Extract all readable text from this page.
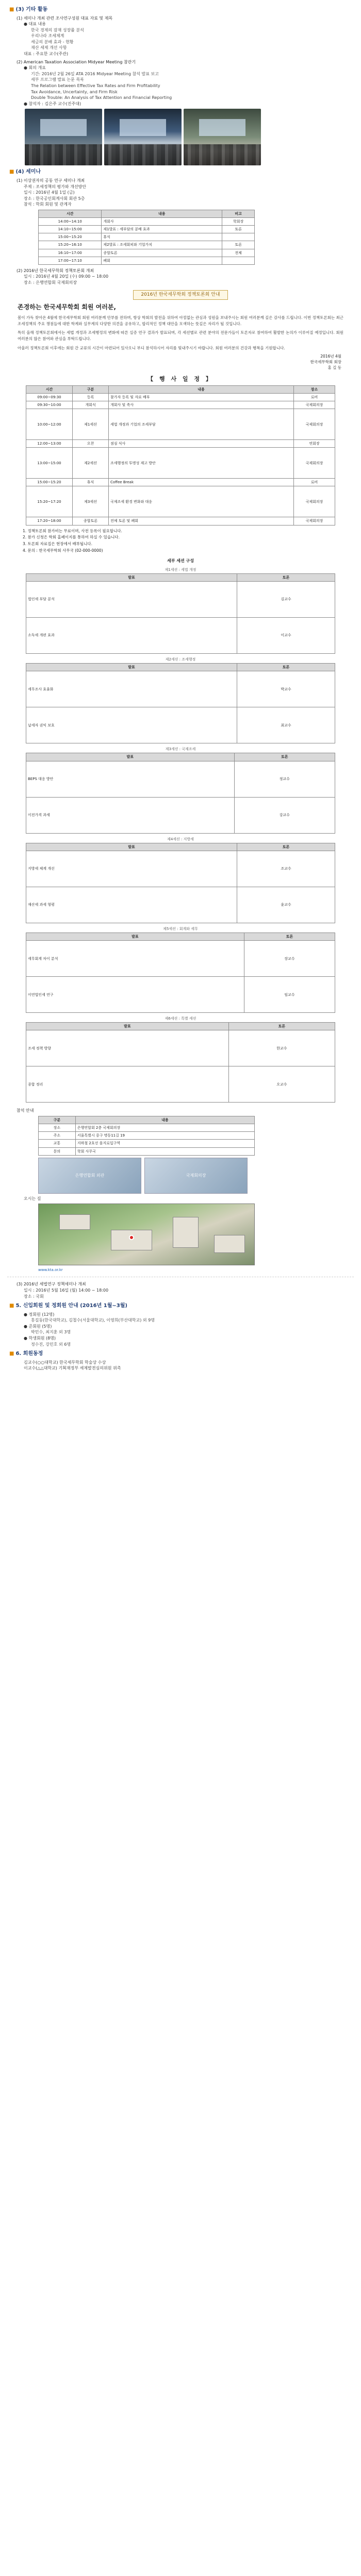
■ (3) 기타 활동
(1) 세미나 개최 관련 조사연구성원 대표 자료 및 제목
● 대표 내용
한국 경제의 잠재 성장률 분석
우리나라 조세체계
세금의 분배 효과 - 현황
재산 세제 개선 사항
대표 : 주요한 교수(주관)
(2) American Taxation Association Midyear Meeting 참관기
● 회의 개요
기간: 2016년 2월 26일 ATA 2016 Midyear Meeting 참석 발표 보고
세부 프로그램 발표 논문 목록
The Relation between Effective Tax Rates and Firm Profitability
Tax Avoidance, Uncertainty, and Firm Risk
Double Trouble: An Analysis of Tax Attention and Financial Reporting
● 참석자 : 김은주 교수(진주대)
■ (4) 세미나
(1) 이상권자의 공동 연구 세미나 개최
주제 : 조세정책의 평가와 개선방안
일시 : 2016년 4월 1일 (금)
장소 : 한국공인회계사회 회관 5층
참석 : 학회 회원 및 관계자
시간	내용	비고
14:00~14:10	개회사	학회장
14:10~15:00	제1발표 : 세부담의 분배 효과	토론
15:00~15:20	휴식	
15:20~16:10	제2발표 : 조세회피와 기업가치	토론
16:10~17:00	종합토론	전체
17:00~17:10	폐회	
(2) 2016년 한국세무학회 정책토론회 개최
일시 : 2016년 4월 20일 (수) 09:00 ~ 18:00
장소 : 은행연합회 국제회의장
2016년 한국세무학회 정책토론회 안내
존경하는 한국세무학회 회원 여러분,

봄이 가득 찾아온 4월에 한국세무학회 회원 여러분께 안부를 전하며, 항상 학회의 발전을 위하여 아낌없는 관심과 성원을 보내주시는 회원 여러분께 깊은 감사를 드립니다. 이번 정책토론회는 최근 조세정책의 주요 쟁점들에 대한 학계와 실무계의 다양한 의견을 공유하고, 합리적인 정책 대안을 모색하는 뜻깊은 자리가 될 것입니다.

특히 올해 정책토론회에서는 세법 개정과 조세행정의 변화에 따른 실증 연구 결과가 발표되며, 각 세션별로 관련 분야의 전문가들이 토론자로 참여하여 활발한 논의가 이루어질 예정입니다. 회원 여러분의 많은 참여와 관심을 부탁드립니다.

아울러 정책토론회 이후에는 회원 간 교류의 시간이 마련되어 있사오니 부디 참석하시어 자리를 빛내주시기 바랍니다. 회원 여러분의 건강과 행복을 기원합니다.

2016년 4월
한국세무학회 회장
홍 길 동
【 행 사 일 정 】
시간	구분	내용	장소
09:00~09:30	등록	참가자 등록 및 자료 배부	로비
09:30~10:00	개회식	개회사 및 축사	국제회의장
10:00~12:00	제1세션	세법 개정과 기업의 조세부담	국제회의장
12:00~13:00	오찬	점심 식사	연회장
13:00~15:00	제2세션	조세행정의 투명성 제고 방안	국제회의장
15:00~15:20	휴식	Coffee Break	로비
15:20~17:20	제3세션	국제조세 환경 변화와 대응	국제회의장
17:20~18:00	종합토론	전체 토론 및 폐회	국제회의장
1. 정책토론회 참가비는 무료이며, 사전 등록이 필요합니다.
2. 참가 신청은 학회 홈페이지를 통하여 하실 수 있습니다.
3. 토론회 자료집은 현장에서 배부됩니다.
4. 문의 : 한국세무학회 사무국 (02-000-0000)
세부 세션 구성
제1세션 : 세법 개정
발표	토론
법인세 부담 분석	김교수
소득세 개편 효과	이교수
제2세션 : 조세행정
발표	토론
세무조사 효율화	박교수
납세자 권익 보호	최교수
제3세션 : 국제조세
발표	토론
BEPS 대응 방안	정교수
이전가격 과세	강교수
제4세션 : 지방세
발표	토론
지방세 체계 개선	조교수
재산세 과세 형평	윤교수
제5세션 : 회계와 세무
발표	토론
세무회계 차이 분석	장교수
이연법인세 연구	임교수
제6세션 : 특별 세션
발표	토론
조세 정책 방향	한교수
종합 정리	오교수
참석 안내
구분	내용
장소	은행연합회 2층 국제회의장
주소	서울특별시 중구 명동11길 19
교통	지하철 2호선 을지로입구역
문의	학회 사무국
은행연합회 외관	국제회의장
오시는 길
www.kta.or.kr
(3) 2016년 세법연구 정책세미나 개최
일시 : 2016년 5월 16일 (월) 14:00 ~ 18:00
장소 : 국회
■ 5. 신입회원 및 정회원 안내 (2016년 1월~3월)
● 정회원 (12명)
홍길동(한국대학교), 김철수(서울대학교), 이영희(부산대학교) 외 9명
● 준회원 (5명)
박민수, 최지훈 외 3명
● 학생회원 (8명)
정수진, 강민호 외 6명
■ 6. 회원동정
김교수(○○대학교) 한국세무학회 학술상 수상
이교수(△△대학교) 기획재정부 세제발전심의위원 위촉
